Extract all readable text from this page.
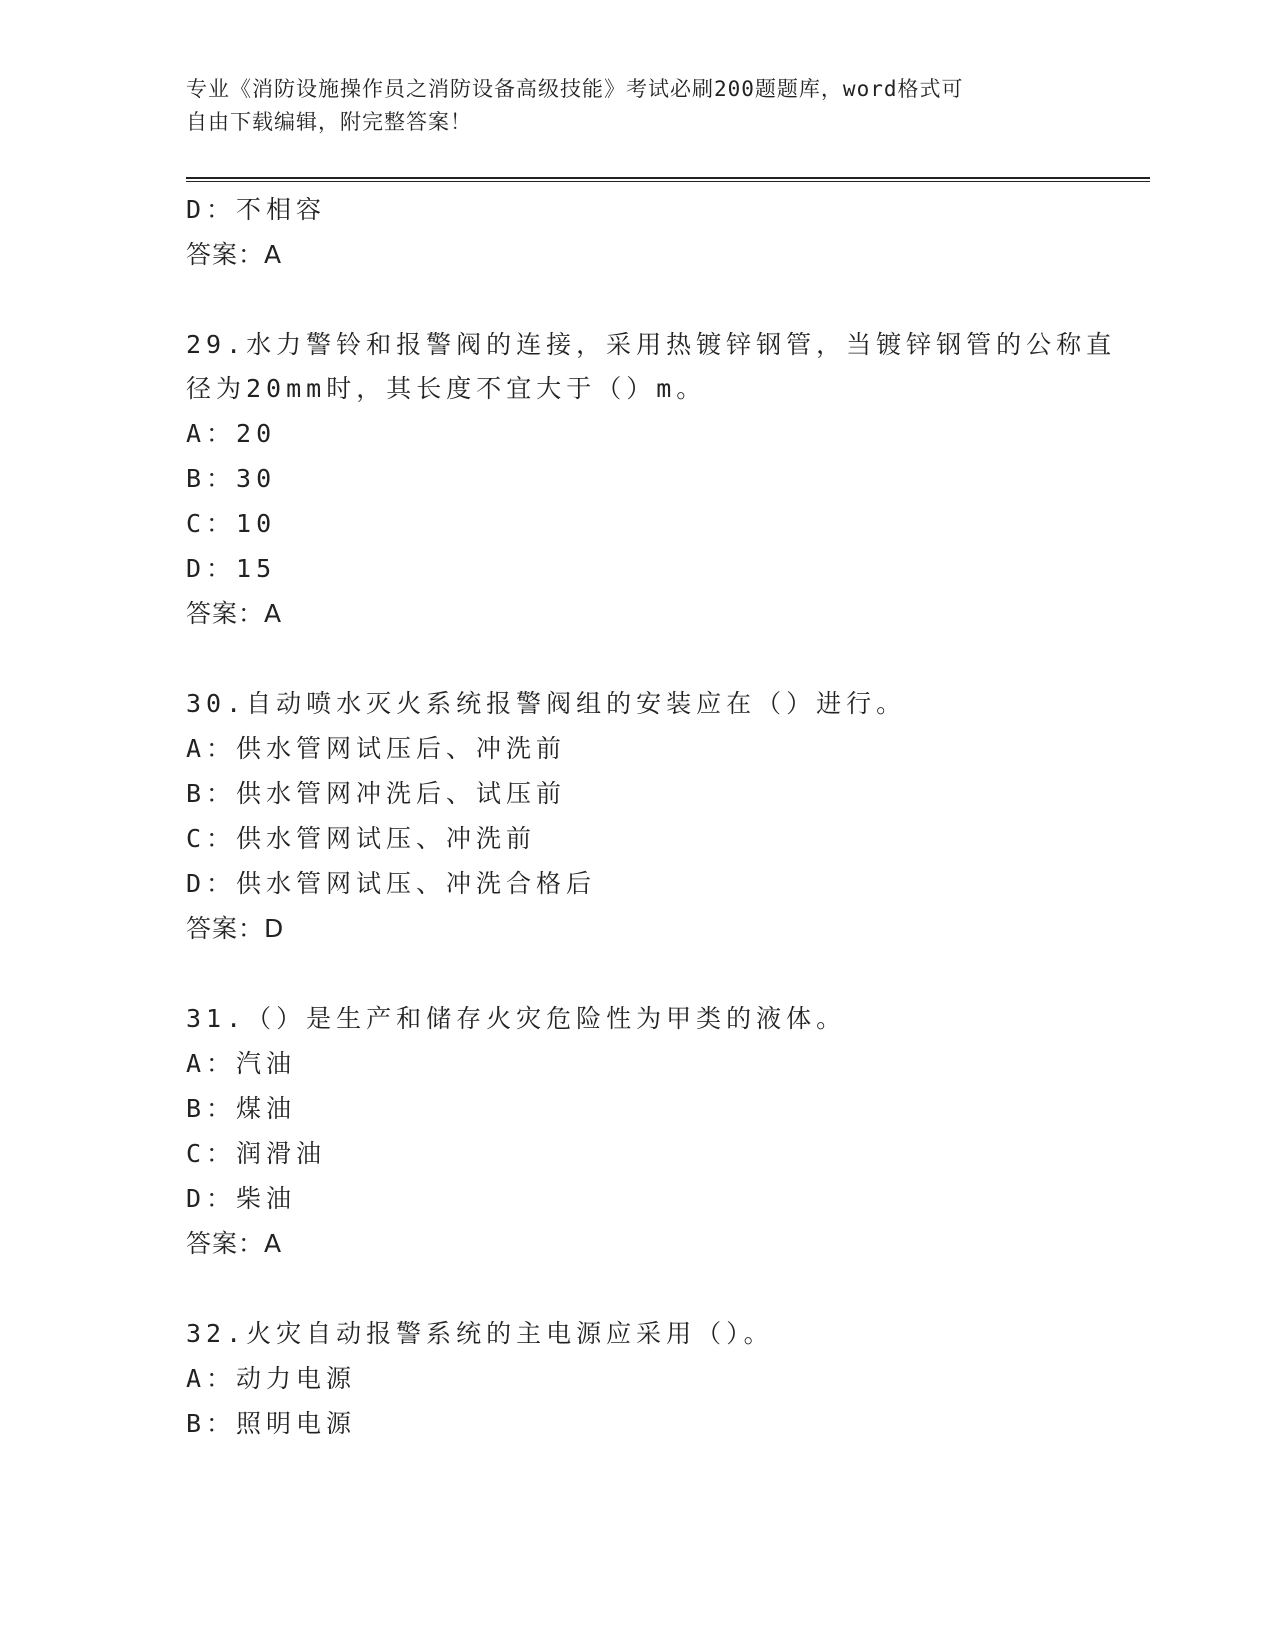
专业《消防设施操作员之消防设备高级技能》考试必刷200题题库，word格式可
自由下载编辑，附完整答案！
D：不相容
答案：A
29.水力警铃和报警阀的连接，采用热镀锌钢管，当镀锌钢管的公称直
径为20mm时，其长度不宜大于（）m。
A：20
B：30
C：10
D：15
答案：A
30.自动喷水灭火系统报警阀组的安装应在（）进行。
A：供水管网试压后、冲洗前
B：供水管网冲洗后、试压前
C：供水管网试压、冲洗前
D：供水管网试压、冲洗合格后
答案：D
31.（）是生产和储存火灾危险性为甲类的液体。
A：汽油
B：煤油
C：润滑油
D：柴油
答案：A
32.火灾自动报警系统的主电源应采用（）。
A：动力电源
B：照明电源
